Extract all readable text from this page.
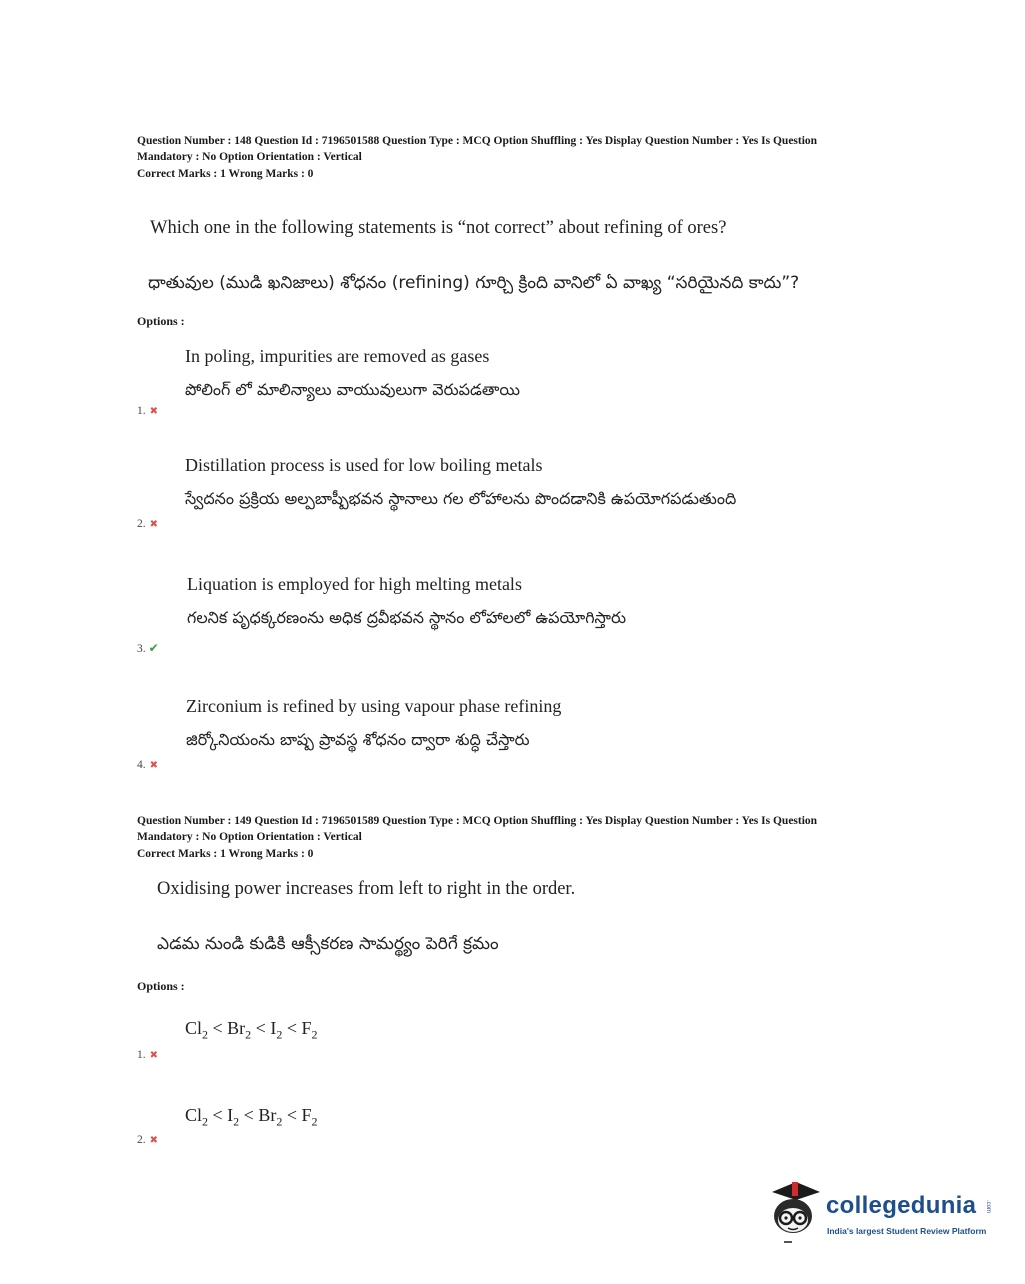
Question Number : 148 Question Id : 7196501588 Question Type : MCQ Option Shuffling : Yes Display Question Number : Yes Is Question
Mandatory : No Option Orientation : Vertical
Correct Marks : 1 Wrong Marks : 0
Which one in the following statements is “not correct” about refining of ores?
ధాతువుల (ముడి ఖనిజాలు) శోధనం (refining) గూర్చి క్రింది వానిలో ఏ వాఖ్య “సరియైనది కాదు”?
Options :
In poling, impurities are removed as gases
పోలింగ్ లో మాలిన్యాలు వాయువులుగా వెరుపడతాయి
1. ✖
Distillation process is used for low boiling metals
స్వేదనం ప్రక్రియ అల్పబాష్పీభవన స్థానాలు గల లోహాలను పొందడానికి ఉపయోగపడుతుంది
2. ✖
Liquation is employed for high melting metals
గలనిక పృధక్కరణంను అధిక ద్రవీభవన స్థానం లోహాలలో ఉపయోగిస్తారు
3. ✔
Zirconium is refined by using vapour phase refining
జిర్కోనియంను బాష్ప ప్రావస్థ శోధనం ద్వారా శుద్ధి చేస్తారు
4. ✖
Question Number : 149 Question Id : 7196501589 Question Type : MCQ Option Shuffling : Yes Display Question Number : Yes Is Question
Mandatory : No Option Orientation : Vertical
Correct Marks : 1 Wrong Marks : 0
Oxidising power increases from left to right in the order.
ఎడమ నుండి కుడికి ఆక్సీకరణ సామర్థ్యం పెరిగే క్రమం
Options :
$Cl_2 < Br_2 < I_2 < F_2$
1. ✖
$Cl_2 < I_2 < Br_2 < F_2$
2. ✖
collegedunia .com
India's largest Student Review Platform
